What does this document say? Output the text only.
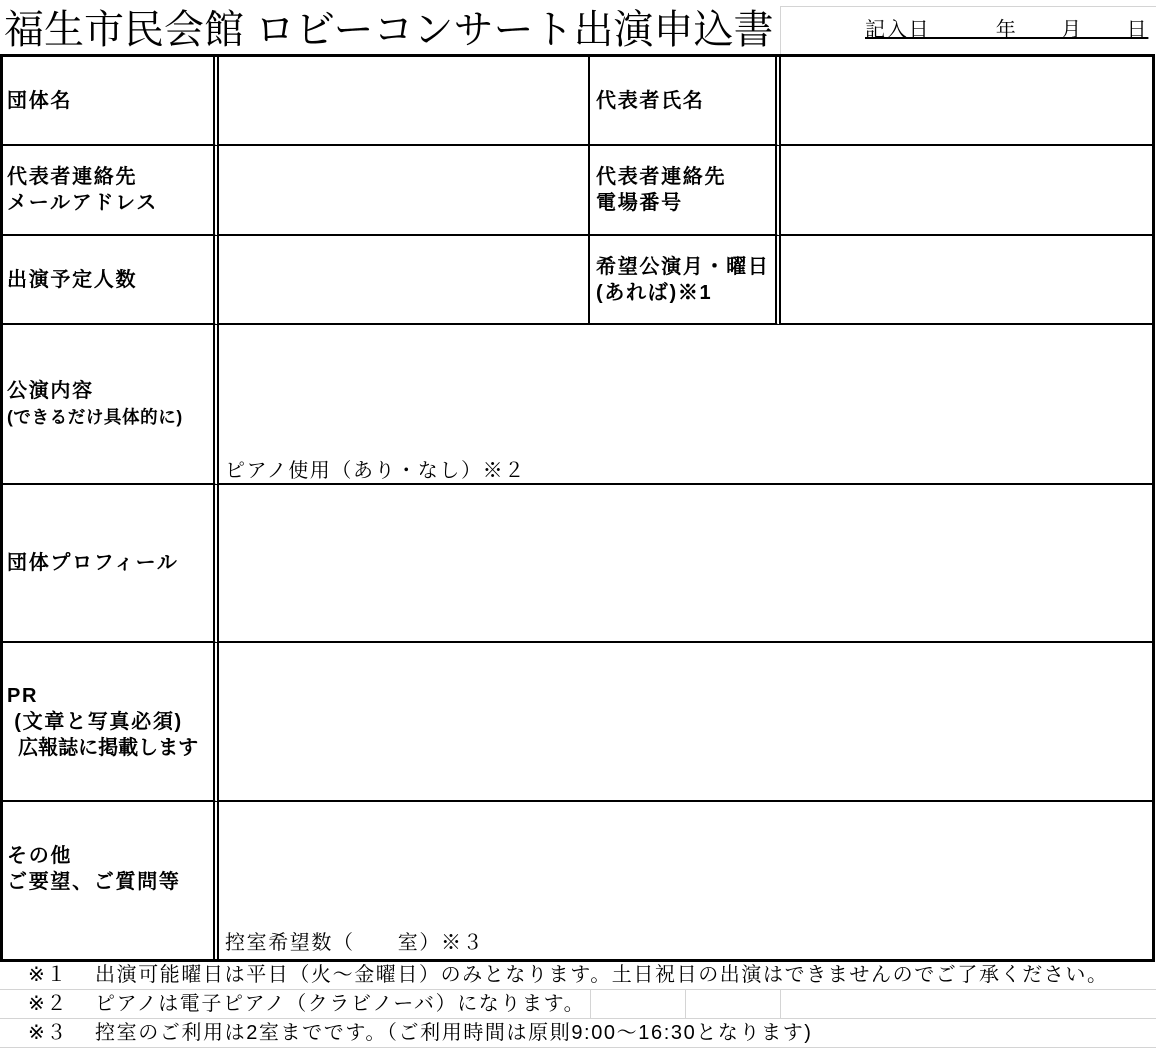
福生市民会館 ロビーコンサート出演申込書	記入日　　　年　　月　　日
団体名	代表者氏名
代表者連絡先
メールアドレス
代表者連絡先
電場番号
出演予定人数
希望公演月・曜日
(あれば)※1
公演内容
(できるだけ具体的に)
ピアノ使用（あり・なし）※２
団体プロフィール
PR
(文章と写真必須)
広報誌に掲載します
その他
ご要望、ご質問等
控室希望数（　　室）※３
※１ 出演可能曜日は平日（火〜金曜日）のみとなります。土日祝日の出演はできませんのでご了承ください。
※２ ピアノは電子ピアノ（クラビノーバ）になります。
※３ 控室のご利用は2室までです。（ご利用時間は原則9:00〜16:30となります)
